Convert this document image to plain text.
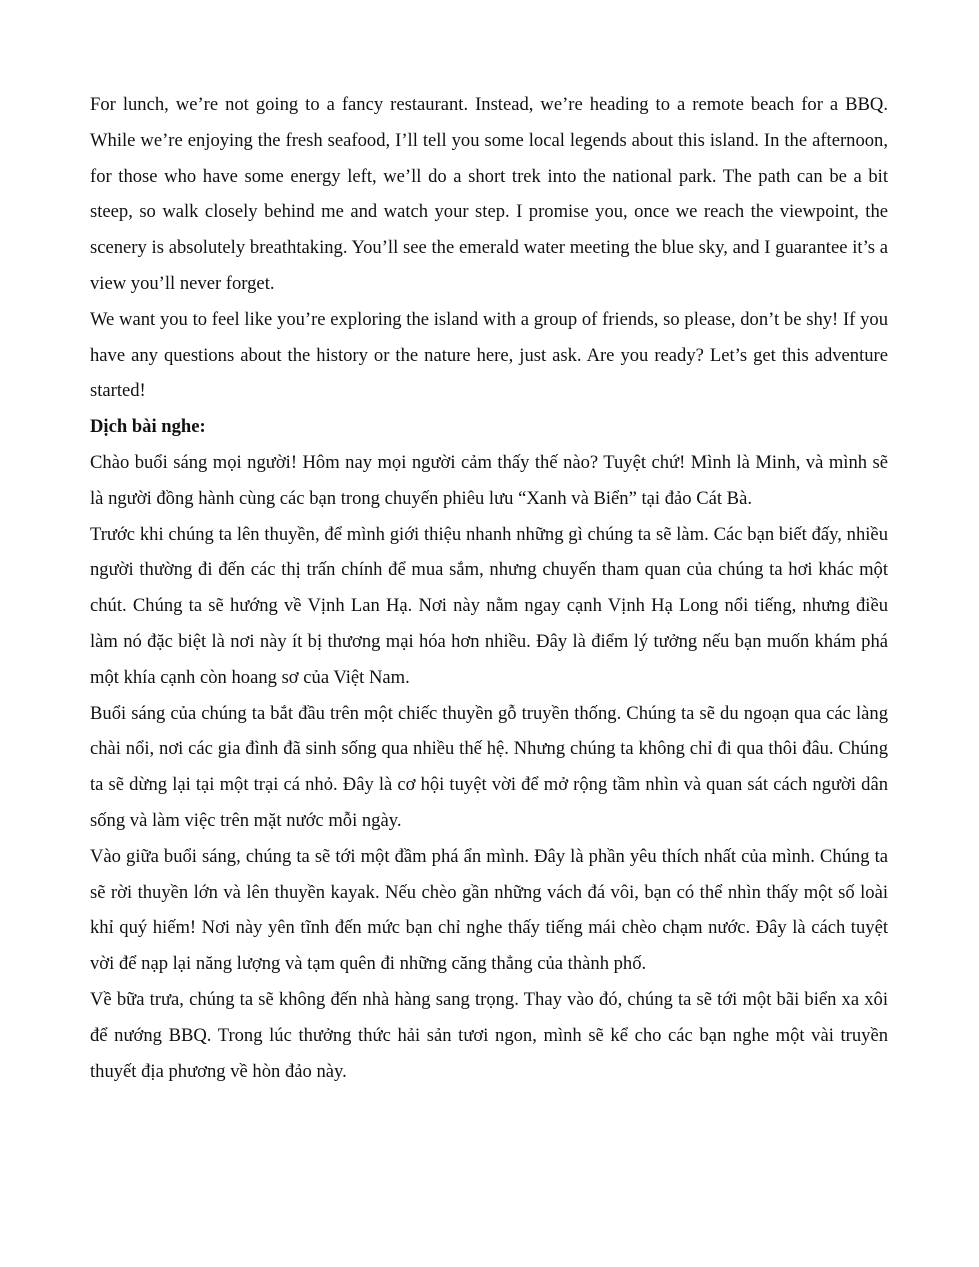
For lunch, we’re not going to a fancy restaurant. Instead, we’re heading to a remote beach for a BBQ. While we’re enjoying the fresh seafood, I’ll tell you some local legends about this island. In the afternoon, for those who have some energy left, we’ll do a short trek into the national park. The path can be a bit steep, so walk closely behind me and watch your step. I promise you, once we reach the viewpoint, the scenery is absolutely breathtaking. You’ll see the emerald water meeting the blue sky, and I guarantee it’s a view you’ll never forget.

We want you to feel like you’re exploring the island with a group of friends, so please, don’t be shy! If you have any questions about the history or the nature here, just ask. Are you ready? Let’s get this adventure started!

Dịch bài nghe:

Chào buổi sáng mọi người! Hôm nay mọi người cảm thấy thế nào? Tuyệt chứ! Mình là Minh, và mình sẽ là người đồng hành cùng các bạn trong chuyến phiêu lưu “Xanh và Biển” tại đảo Cát Bà.

Trước khi chúng ta lên thuyền, để mình giới thiệu nhanh những gì chúng ta sẽ làm. Các bạn biết đấy, nhiều người thường đi đến các thị trấn chính để mua sắm, nhưng chuyến tham quan của chúng ta hơi khác một chút. Chúng ta sẽ hướng về Vịnh Lan Hạ. Nơi này nằm ngay cạnh Vịnh Hạ Long nổi tiếng, nhưng điều làm nó đặc biệt là nơi này ít bị thương mại hóa hơn nhiều. Đây là điểm lý tưởng nếu bạn muốn khám phá một khía cạnh còn hoang sơ của Việt Nam.

Buổi sáng của chúng ta bắt đầu trên một chiếc thuyền gỗ truyền thống. Chúng ta sẽ du ngoạn qua các làng chài nổi, nơi các gia đình đã sinh sống qua nhiều thế hệ. Nhưng chúng ta không chỉ đi qua thôi đâu. Chúng ta sẽ dừng lại tại một trại cá nhỏ. Đây là cơ hội tuyệt vời để mở rộng tầm nhìn và quan sát cách người dân sống và làm việc trên mặt nước mỗi ngày.

Vào giữa buổi sáng, chúng ta sẽ tới một đầm phá ẩn mình. Đây là phần yêu thích nhất của mình. Chúng ta sẽ rời thuyền lớn và lên thuyền kayak. Nếu chèo gần những vách đá vôi, bạn có thể nhìn thấy một số loài khỉ quý hiếm! Nơi này yên tĩnh đến mức bạn chỉ nghe thấy tiếng mái chèo chạm nước. Đây là cách tuyệt vời để nạp lại năng lượng và tạm quên đi những căng thẳng của thành phố.

Về bữa trưa, chúng ta sẽ không đến nhà hàng sang trọng. Thay vào đó, chúng ta sẽ tới một bãi biển xa xôi để nướng BBQ. Trong lúc thưởng thức hải sản tươi ngon, mình sẽ kể cho các bạn nghe một vài truyền thuyết địa phương về hòn đảo này.
